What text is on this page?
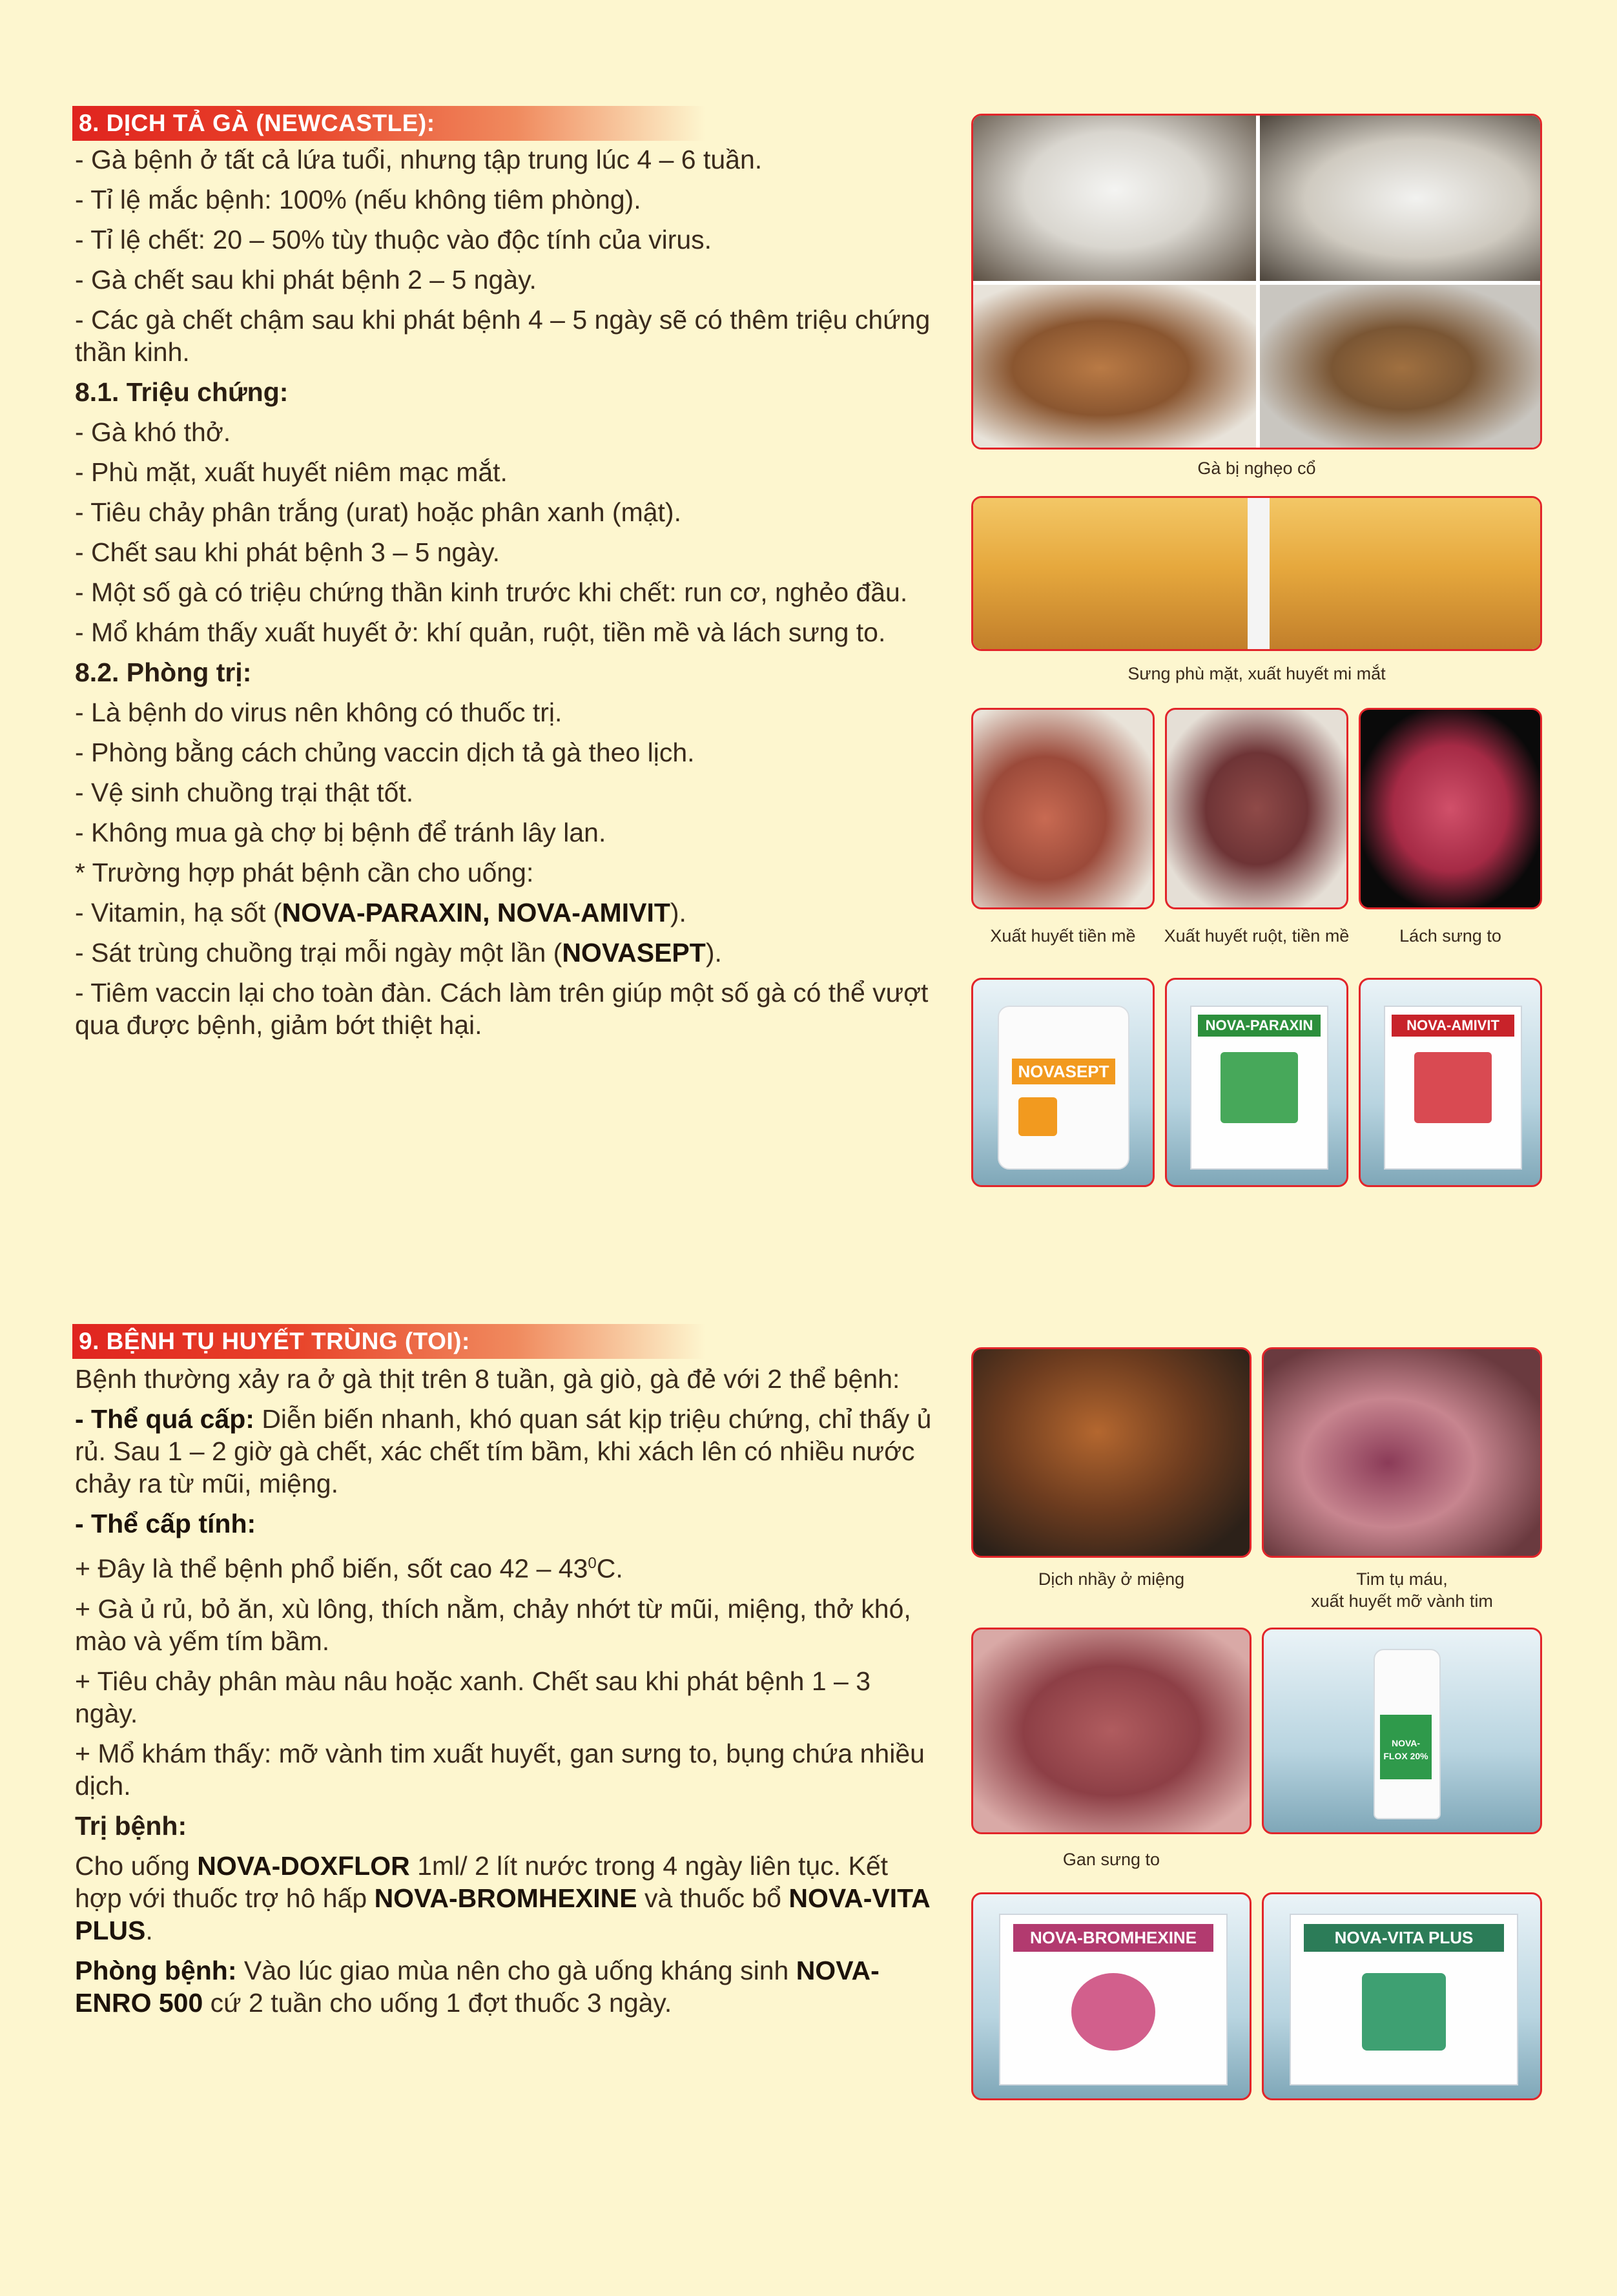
8. DỊCH TẢ GÀ (NEWCASTLE):

- Gà bệnh ở tất cả lứa tuổi, nhưng tập trung lúc 4 – 6 tuần.

- Tỉ lệ mắc bệnh: 100% (nếu không tiêm phòng).

- Tỉ lệ chết: 20 – 50% tùy thuộc vào độc tính của virus.

- Gà chết sau khi phát bệnh 2 – 5 ngày.

- Các gà chết chậm sau khi phát bệnh 4 – 5 ngày sẽ có thêm triệu chứng thần kinh.

8.1. Triệu chứng:

- Gà khó thở.

- Phù mặt, xuất huyết niêm mạc mắt.

- Tiêu chảy phân trắng (urat) hoặc phân xanh (mật).

- Chết sau khi phát bệnh 3 – 5 ngày.

- Một số gà có triệu chứng thần kinh trước khi chết: run cơ, nghẻo đầu.

- Mổ khám thấy xuất huyết ở: khí quản, ruột, tiền mề và lách sưng to.

8.2. Phòng trị:

- Là bệnh do virus nên không có thuốc trị.

- Phòng bằng cách chủng vaccin dịch tả gà theo lịch.

- Vệ sinh chuồng trại thật tốt.

- Không mua gà chợ bị bệnh để tránh lây lan.

* Trường hợp phát bệnh cần cho uống:

- Vitamin, hạ sốt (NOVA-PARAXIN, NOVA-AMIVIT).

- Sát trùng chuồng trại mỗi ngày một lần (NOVASEPT).

- Tiêm vaccin lại cho toàn đàn. Cách làm trên giúp một số gà có thể vượt qua được bệnh, giảm bớt thiệt hại.

Gà bị nghẹo cổ
Sưng phù mặt, xuất huyết mi mắt
Xuất huyết tiền mề	Xuất huyết ruột, tiền mề	Lách sưng to
NOVASEPT
NOVA-PARAXIN	NOVA-AMIVIT
9. BỆNH TỤ HUYẾT TRÙNG (TOI):

Bệnh thường xảy ra ở gà thịt trên 8 tuần, gà giò, gà đẻ với 2 thể bệnh:

- Thể quá cấp: Diễn biến nhanh, khó quan sát kịp triệu chứng, chỉ thấy ủ rủ. Sau 1 – 2 giờ gà chết, xác chết tím bầm, khi xách lên có nhiều nước chảy ra từ mũi, miệng.

- Thể cấp tính:

+ Đây là thể bệnh phổ biến, sốt cao $42 - 43^0C$.

+ Gà ủ rủ, bỏ ăn, xù lông, thích nằm, chảy nhớt từ mũi, miệng, thở khó, mào và yếm tím bầm.

+ Tiêu chảy phân màu nâu hoặc xanh. Chết sau khi phát bệnh 1 – 3 ngày.

+ Mổ khám thấy: mỡ vành tim xuất huyết, gan sưng to, bụng chứa nhiều dịch.

Trị bệnh:

Cho uống NOVA-DOXFLOR 1ml/ 2 lít nước trong 4 ngày liên tục. Kết hợp với thuốc trợ hô hấp NOVA-BROMHEXINE và thuốc bổ NOVA-VITA PLUS.

Phòng bệnh: Vào lúc giao mùa nên cho gà uống kháng sinh NOVA-ENRO 500 cứ 2 tuần cho uống 1 đợt thuốc 3 ngày.

Dịch nhầy ở miệng	Tim tụ máu,
xuất huyết mỡ vành tim
NOVA-FLOX 20%
Gan sưng to
NOVA-BROMHEXINE	NOVA-VITA PLUS
